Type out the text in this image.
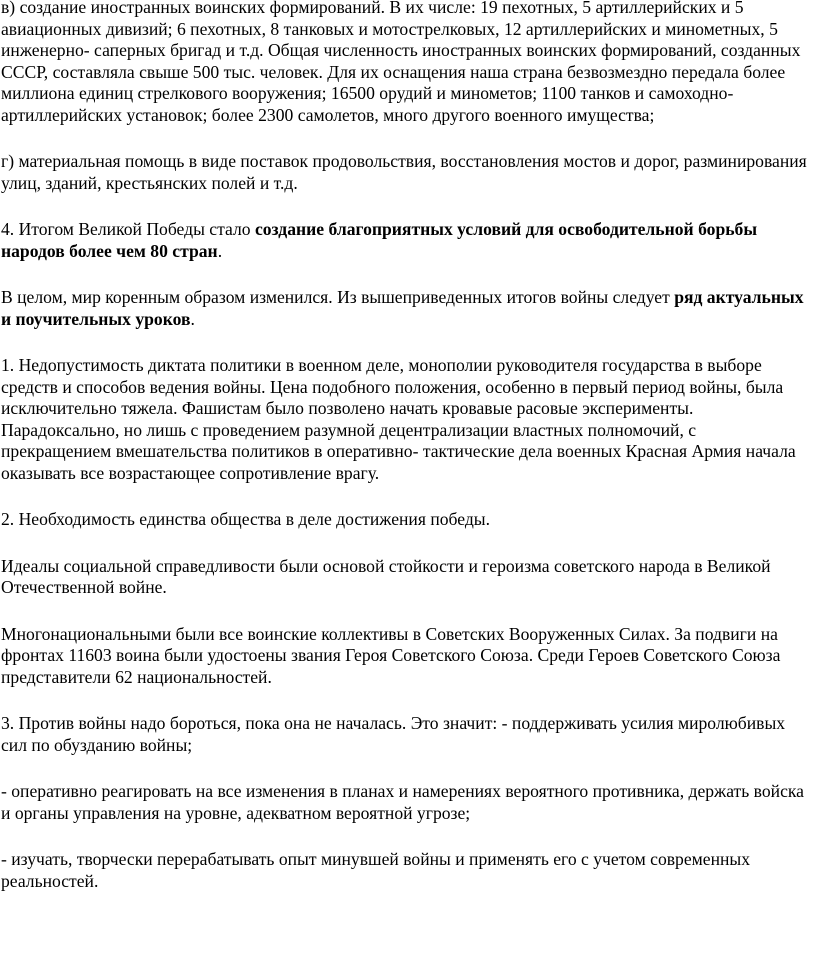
в) создание иностранных воинских формирований. В их числе: 19 пехотных, 5 артиллерийских и 5 авиационных дивизий; 6 пехотных, 8 танковых и мотострелковых, 12 артиллерийских и минометных, 5 инженерно- саперных бригад и т.д. Общая численность иностранных воинских формирований, созданных СССР, составляла свыше 500 тыс. человек. Для их оснащения наша страна безвозмездно передала более миллиона единиц стрелкового вооружения; 16500 орудий и минометов; 1100 танков и самоходно- артиллерийских установок; более 2300 самолетов, много другого военного имущества;

г) материальная помощь в виде поставок продовольствия, восстановления мостов и дорог, разминирования улиц, зданий, крестьянских полей и т.д.

4. Итогом Великой Победы стало создание благоприятных условий для освободительной борьбы народов более чем 80 стран.

В целом, мир коренным образом изменился. Из вышеприведенных итогов войны следует ряд актуальных и поучительных уроков.

1. Недопустимость диктата политики в военном деле, монополии руководителя государства в выборе средств и способов ведения войны. Цена подобного положения, особенно в первый период войны, была исключительно тяжела. Фашистам было позволено начать кровавые расовые эксперименты. Парадоксально, но лишь с проведением разумной децентрализации властных полномочий, с прекращением вмешательства политиков в оперативно- тактические дела военных Красная Армия начала оказывать все возрастающее сопротивление врагу.

2. Необходимость единства общества в деле достижения победы.

Идеалы социальной справедливости были основой стойкости и героизма советского народа в Великой Отечественной войне.

Многонациональными были все воинские коллективы в Советских Вооруженных Силах. За подвиги на фронтах 11603 воина были удостоены звания Героя Советского Союза. Среди Героев Советского Союза представители 62 национальностей.

3. Против войны надо бороться, пока она не началась. Это значит: - поддерживать усилия миролюбивых сил по обузданию войны;

- оперативно реагировать на все изменения в планах и намерениях вероятного противника, держать войска и органы управления на уровне, адекватном вероятной угрозе;

- изучать, творчески перерабатывать опыт минувшей войны и применять его с учетом современных реальностей.
